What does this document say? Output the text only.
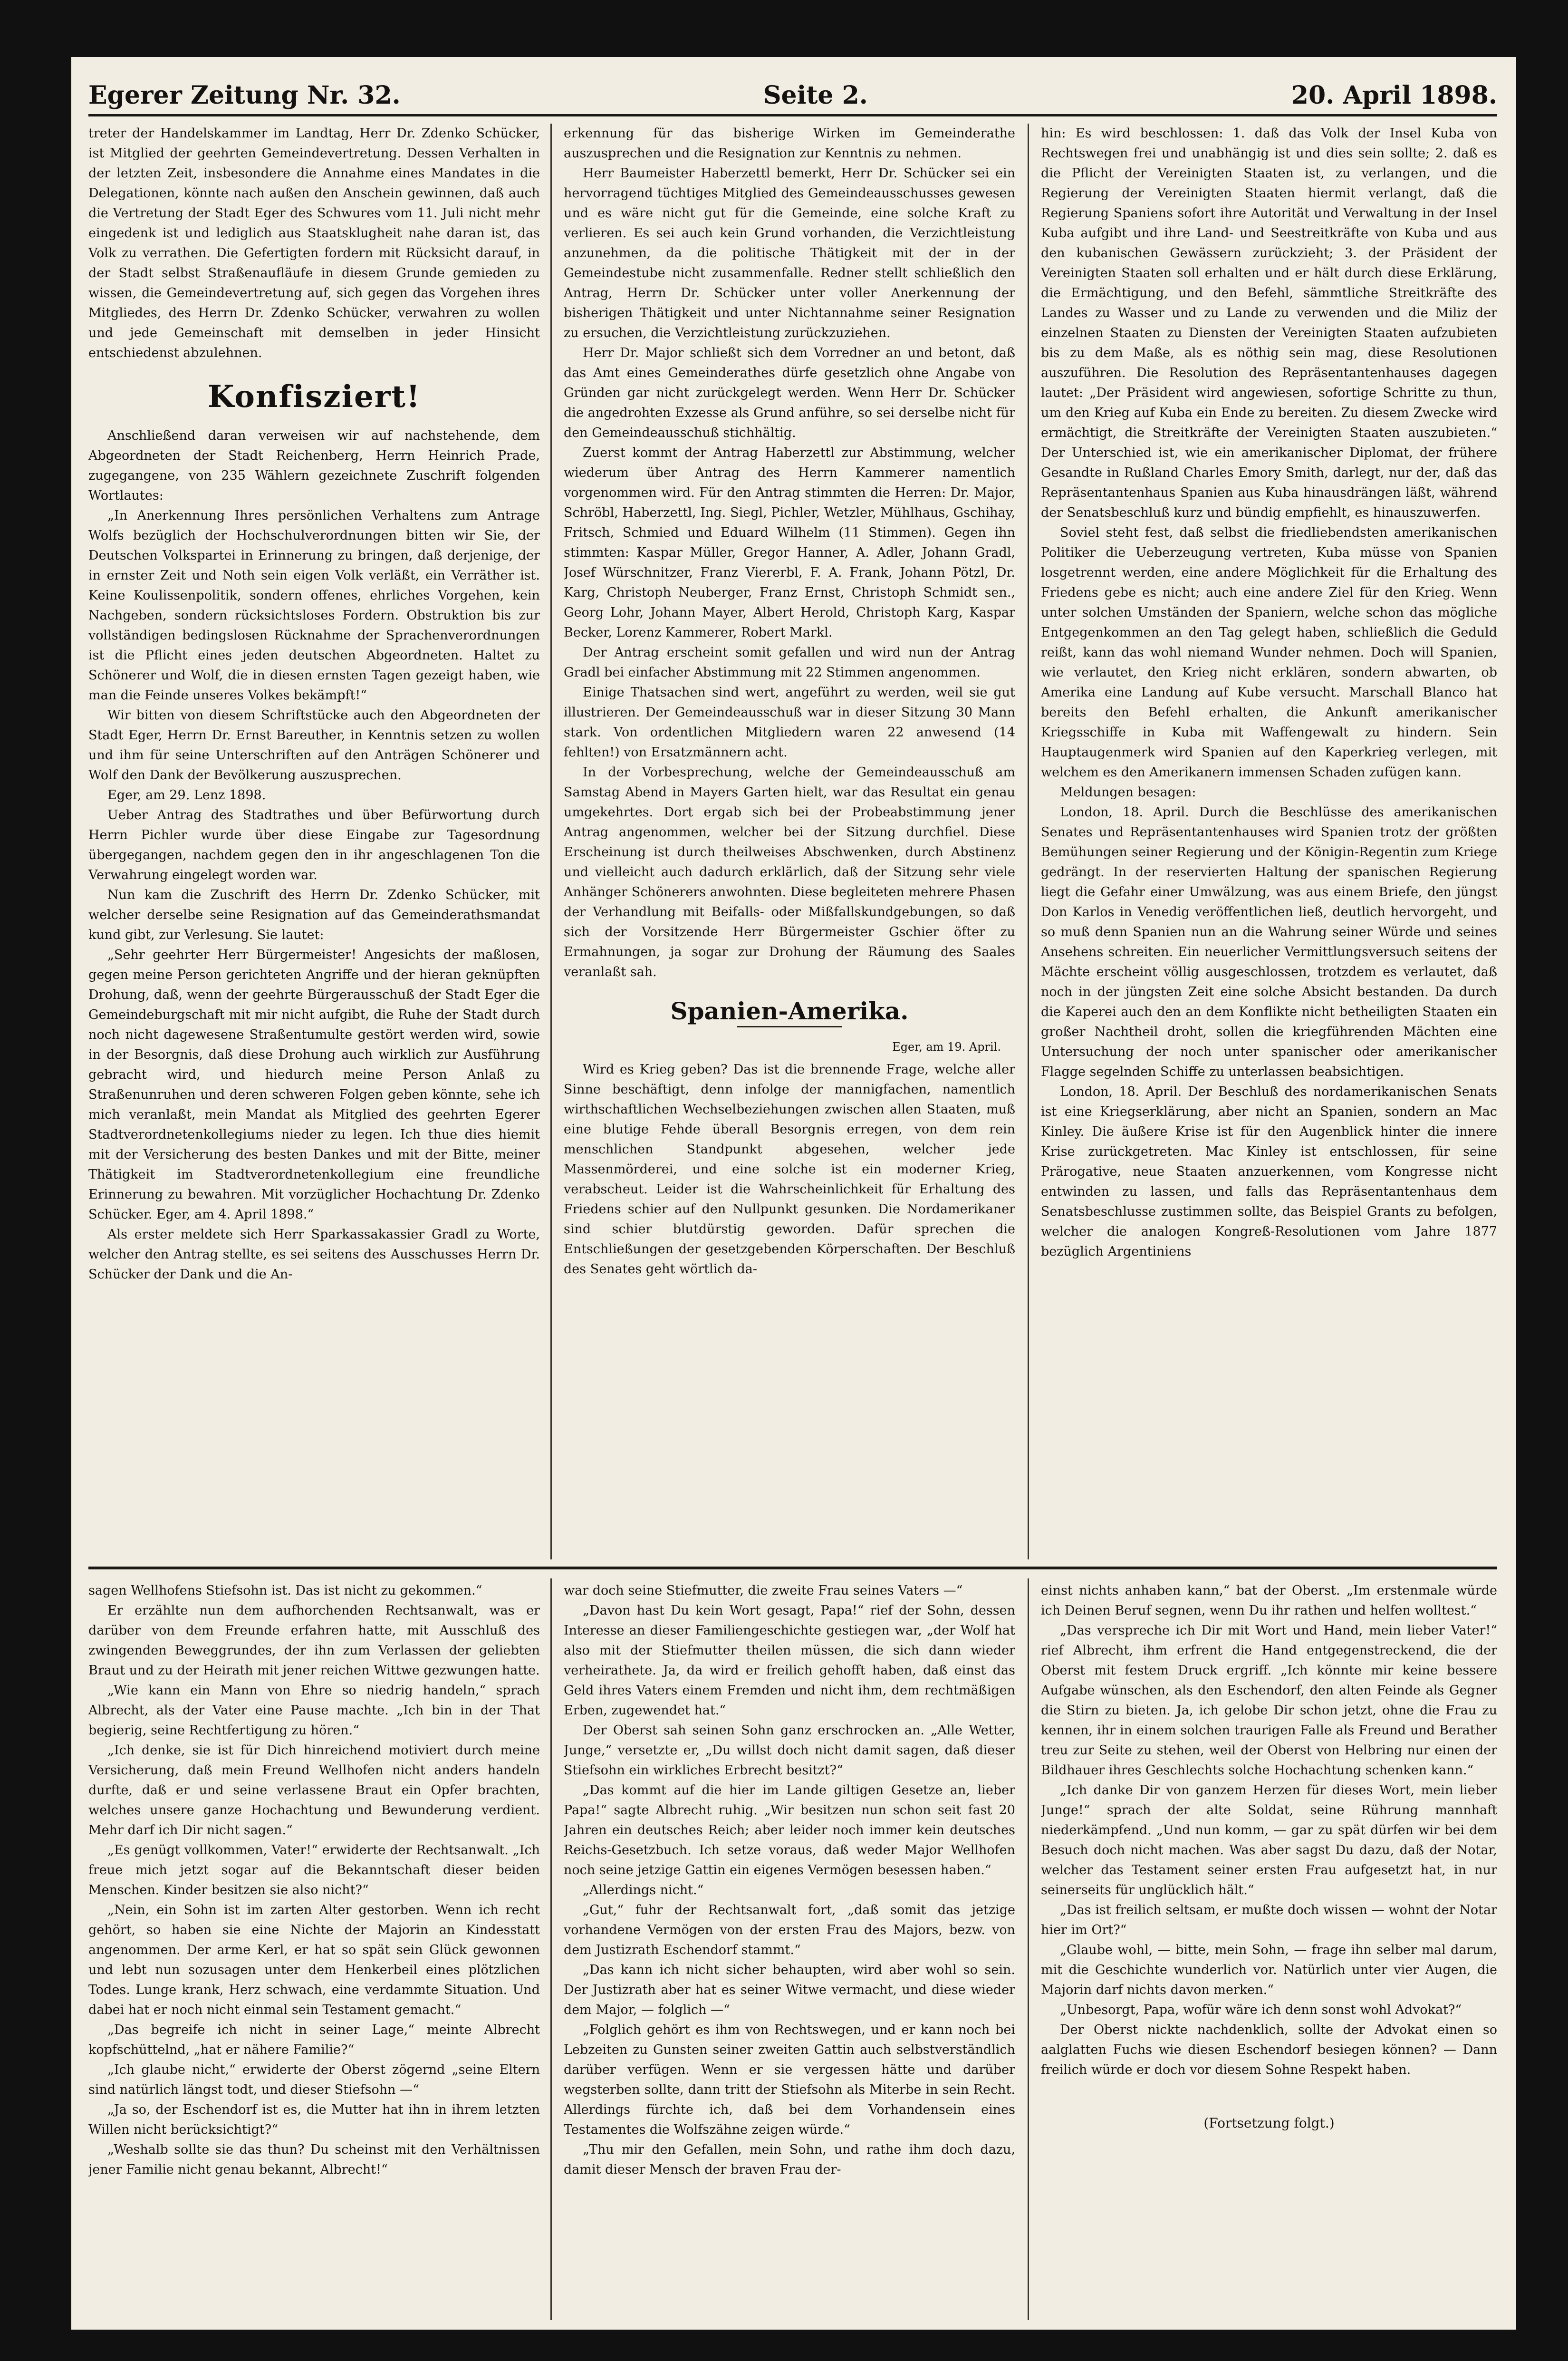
Egerer Zeitung Nr. 32.	Seite 2.	20. April 1898.

treter der Handelskammer im Landtag, Herr Dr. Zdenko Schücker, ist Mitglied der geehrten Gemeindevertretung. Dessen Verhalten in der letzten Zeit, insbesondere die Annahme eines Mandates in die Delegationen, könnte nach außen den Anschein gewinnen, daß auch die Vertretung der Stadt Eger des Schwures vom 11. Juli nicht mehr eingedenk ist und lediglich aus Staatsklugheit nahe daran ist, das Volk zu verrathen. Die Gefertigten fordern mit Rücksicht darauf, in der Stadt selbst Straßenaufläufe in diesem Grunde gemieden zu wissen, die Gemeindevertretung auf, sich gegen das Vorgehen ihres Mitgliedes, des Herrn Dr. Zdenko Schücker, verwahren zu wollen und jede Gemeinschaft mit demselben in jeder Hinsicht entschiedenst abzulehnen.

Konfisziert!

Anschließend daran verweisen wir auf nachstehende, dem Abgeordneten der Stadt Reichenberg, Herrn Heinrich Prade, zugegangene, von 235 Wählern gezeichnete Zuschrift folgenden Wortlautes:

„In Anerkennung Ihres persönlichen Verhaltens zum Antrage Wolfs bezüglich der Hochschulverordnungen bitten wir Sie, der Deutschen Volkspartei in Erinnerung zu bringen, daß derjenige, der in ernster Zeit und Noth sein eigen Volk verläßt, ein Verräther ist. Keine Koulissenpolitik, sondern offenes, ehrliches Vorgehen, kein Nachgeben, sondern rücksichtsloses Fordern. Obstruktion bis zur vollständigen bedingslosen Rücknahme der Sprachenverordnungen ist die Pflicht eines jeden deutschen Abgeordneten. Haltet zu Schönerer und Wolf, die in diesen ernsten Tagen gezeigt haben, wie man die Feinde unseres Volkes bekämpft!“

Wir bitten von diesem Schriftstücke auch den Abgeordneten der Stadt Eger, Herrn Dr. Ernst Bareuther, in Kenntnis setzen zu wollen und ihm für seine Unterschriften auf den Anträgen Schönerer und Wolf den Dank der Bevölkerung auszusprechen.

Eger, am 29. Lenz 1898.

Ueber Antrag des Stadtrathes und über Befürwortung durch Herrn Pichler wurde über diese Eingabe zur Tagesordnung übergegangen, nachdem gegen den in ihr angeschlagenen Ton die Verwahrung eingelegt worden war.

Nun kam die Zuschrift des Herrn Dr. Zdenko Schücker, mit welcher derselbe seine Resignation auf das Gemeinderathsmandat kund gibt, zur Verlesung. Sie lautet:

„Sehr geehrter Herr Bürgermeister! Angesichts der maßlosen, gegen meine Person gerichteten Angriffe und der hieran geknüpften Drohung, daß, wenn der geehrte Bürgerausschuß der Stadt Eger die Gemeindeburgschaft mit mir nicht aufgibt, die Ruhe der Stadt durch noch nicht dagewesene Straßentumulte gestört werden wird, sowie in der Besorgnis, daß diese Drohung auch wirklich zur Ausführung gebracht wird, und hiedurch meine Person Anlaß zu Straßenunruhen und deren schweren Folgen geben könnte, sehe ich mich veranlaßt, mein Mandat als Mitglied des geehrten Egerer Stadtverordnetenkollegiums nieder zu legen. Ich thue dies hiemit mit der Versicherung des besten Dankes und mit der Bitte, meiner Thätigkeit im Stadtverordnetenkollegium eine freundliche Erinnerung zu bewahren. Mit vorzüglicher Hochachtung Dr. Zdenko Schücker. Eger, am 4. April 1898.“

Als erster meldete sich Herr Sparkassakassier Gradl zu Worte, welcher den Antrag stellte, es sei seitens des Ausschusses Herrn Dr. Schücker der Dank und die An-

erkennung für das bisherige Wirken im Gemeinderathe auszusprechen und die Resignation zur Kenntnis zu nehmen.

Herr Baumeister Haberzettl bemerkt, Herr Dr. Schücker sei ein hervorragend tüchtiges Mitglied des Gemeindeausschusses gewesen und es wäre nicht gut für die Gemeinde, eine solche Kraft zu verlieren. Es sei auch kein Grund vorhanden, die Verzichtleistung anzunehmen, da die politische Thätigkeit mit der in der Gemeindestube nicht zusammenfalle. Redner stellt schließlich den Antrag, Herrn Dr. Schücker unter voller Anerkennung der bisherigen Thätigkeit und unter Nichtannahme seiner Resignation zu ersuchen, die Verzichtleistung zurückzuziehen.

Herr Dr. Major schließt sich dem Vorredner an und betont, daß das Amt eines Gemeinderathes dürfe gesetzlich ohne Angabe von Gründen gar nicht zurückgelegt werden. Wenn Herr Dr. Schücker die angedrohten Exzesse als Grund anführe, so sei derselbe nicht für den Gemeindeausschuß stichhältig.

Zuerst kommt der Antrag Haberzettl zur Abstimmung, welcher wiederum über Antrag des Herrn Kammerer namentlich vorgenommen wird. Für den Antrag stimmten die Herren: Dr. Major, Schröbl, Haberzettl, Ing. Siegl, Pichler, Wetzler, Mühlhaus, Gschihay, Fritsch, Schmied und Eduard Wilhelm (11 Stimmen). Gegen ihn stimmten: Kaspar Müller, Gregor Hanner, A. Adler, Johann Gradl, Josef Würschnitzer, Franz Viererbl, F. A. Frank, Johann Pötzl, Dr. Karg, Christoph Neuberger, Franz Ernst, Christoph Schmidt sen., Georg Lohr, Johann Mayer, Albert Herold, Christoph Karg, Kaspar Becker, Lorenz Kammerer, Robert Markl.

Der Antrag erscheint somit gefallen und wird nun der Antrag Gradl bei einfacher Abstimmung mit 22 Stimmen angenommen.

Einige Thatsachen sind wert, angeführt zu werden, weil sie gut illustrieren. Der Gemeindeausschuß war in dieser Sitzung 30 Mann stark. Von ordentlichen Mitgliedern waren 22 anwesend (14 fehlten!) von Ersatzmännern acht.

In der Vorbesprechung, welche der Gemeindeausschuß am Samstag Abend in Mayers Garten hielt, war das Resultat ein genau umgekehrtes. Dort ergab sich bei der Probeabstimmung jener Antrag angenommen, welcher bei der Sitzung durchfiel. Diese Erscheinung ist durch theilweises Abschwenken, durch Abstinenz und vielleicht auch dadurch erklärlich, daß der Sitzung sehr viele Anhänger Schönerers anwohnten. Diese begleiteten mehrere Phasen der Verhandlung mit Beifalls- oder Mißfallskundgebungen, so daß sich der Vorsitzende Herr Bürgermeister Gschier öfter zu Ermahnungen, ja sogar zur Drohung der Räumung des Saales veranlaßt sah.

Spanien-Amerika.
Eger, am 19. April.

Wird es Krieg geben? Das ist die brennende Frage, welche aller Sinne beschäftigt, denn infolge der mannigfachen, namentlich wirthschaftlichen Wechselbeziehungen zwischen allen Staaten, muß eine blutige Fehde überall Besorgnis erregen, von dem rein menschlichen Standpunkt abgesehen, welcher jede Massenmörderei, und eine solche ist ein moderner Krieg, verabscheut. Leider ist die Wahrscheinlichkeit für Erhaltung des Friedens schier auf den Nullpunkt gesunken. Die Nordamerikaner sind schier blutdürstig geworden. Dafür sprechen die Entschließungen der gesetzgebenden Körperschaften. Der Beschluß des Senates geht wörtlich da-

hin: Es wird beschlossen: 1. daß das Volk der Insel Kuba von Rechtswegen frei und unabhängig ist und dies sein sollte; 2. daß es die Pflicht der Vereinigten Staaten ist, zu verlangen, und die Regierung der Vereinigten Staaten hiermit verlangt, daß die Regierung Spaniens sofort ihre Autorität und Verwaltung in der Insel Kuba aufgibt und ihre Land- und Seestreitkräfte von Kuba und aus den kubanischen Gewässern zurückzieht; 3. der Präsident der Vereinigten Staaten soll erhalten und er hält durch diese Erklärung, die Ermächtigung, und den Befehl, sämmtliche Streitkräfte des Landes zu Wasser und zu Lande zu verwenden und die Miliz der einzelnen Staaten zu Diensten der Vereinigten Staaten aufzubieten bis zu dem Maße, als es nöthig sein mag, diese Resolutionen auszuführen. Die Resolution des Repräsentantenhauses dagegen lautet: „Der Präsident wird angewiesen, sofortige Schritte zu thun, um den Krieg auf Kuba ein Ende zu bereiten. Zu diesem Zwecke wird ermächtigt, die Streitkräfte der Vereinigten Staaten auszubieten.“ Der Unterschied ist, wie ein amerikanischer Diplomat, der frühere Gesandte in Rußland Charles Emory Smith, darlegt, nur der, daß das Repräsentantenhaus Spanien aus Kuba hinausdrängen läßt, während der Senatsbeschluß kurz und bündig empfiehlt, es hinauszuwerfen.

Soviel steht fest, daß selbst die friedliebendsten amerikanischen Politiker die Ueberzeugung vertreten, Kuba müsse von Spanien losgetrennt werden, eine andere Möglichkeit für die Erhaltung des Friedens gebe es nicht; auch eine andere Ziel für den Krieg. Wenn unter solchen Umständen der Spaniern, welche schon das mögliche Entgegenkommen an den Tag gelegt haben, schließlich die Geduld reißt, kann das wohl niemand Wunder nehmen. Doch will Spanien, wie verlautet, den Krieg nicht erklären, sondern abwarten, ob Amerika eine Landung auf Kube versucht. Marschall Blanco hat bereits den Befehl erhalten, die Ankunft amerikanischer Kriegsschiffe in Kuba mit Waffengewalt zu hindern. Sein Hauptaugenmerk wird Spanien auf den Kaperkrieg verlegen, mit welchem es den Amerikanern immensen Schaden zufügen kann.

Meldungen besagen:

London, 18. April. Durch die Beschlüsse des amerikanischen Senates und Repräsentantenhauses wird Spanien trotz der größten Bemühungen seiner Regierung und der Königin-Regentin zum Kriege gedrängt. In der reservierten Haltung der spanischen Regierung liegt die Gefahr einer Umwälzung, was aus einem Briefe, den jüngst Don Karlos in Venedig veröffentlichen ließ, deutlich hervorgeht, und so muß denn Spanien nun an die Wahrung seiner Würde und seines Ansehens schreiten. Ein neuerlicher Vermittlungsversuch seitens der Mächte erscheint völlig ausgeschlossen, trotzdem es verlautet, daß noch in der jüngsten Zeit eine solche Absicht bestanden. Da durch die Kaperei auch den an dem Konflikte nicht betheiligten Staaten ein großer Nachtheil droht, sollen die kriegführenden Mächten eine Untersuchung der noch unter spanischer oder amerikanischer Flagge segelnden Schiffe zu unterlassen beabsichtigen.

London, 18. April. Der Beschluß des nordamerikanischen Senats ist eine Kriegserklärung, aber nicht an Spanien, sondern an Mac Kinley. Die äußere Krise ist für den Augenblick hinter die innere Krise zurückgetreten. Mac Kinley ist entschlossen, für seine Prärogative, neue Staaten anzuerkennen, vom Kongresse nicht entwinden zu lassen, und falls das Repräsentantenhaus dem Senatsbeschlusse zustimmen sollte, das Beispiel Grants zu befolgen, welcher die analogen Kongreß-Resolutionen vom Jahre 1877 bezüglich Argentiniens

sagen Wellhofens Stiefsohn ist. Das ist nicht zu gekommen.“

Er erzählte nun dem aufhorchenden Rechtsanwalt, was er darüber von dem Freunde erfahren hatte, mit Ausschluß des zwingenden Beweggrundes, der ihn zum Verlassen der geliebten Braut und zu der Heirath mit jener reichen Wittwe gezwungen hatte.

„Wie kann ein Mann von Ehre so niedrig handeln,“ sprach Albrecht, als der Vater eine Pause machte. „Ich bin in der That begierig, seine Rechtfertigung zu hören.“

„Ich denke, sie ist für Dich hinreichend motiviert durch meine Versicherung, daß mein Freund Wellhofen nicht anders handeln durfte, daß er und seine verlassene Braut ein Opfer brachten, welches unsere ganze Hochachtung und Bewunderung verdient. Mehr darf ich Dir nicht sagen.“

„Es genügt vollkommen, Vater!“ erwiderte der Rechtsanwalt. „Ich freue mich jetzt sogar auf die Bekanntschaft dieser beiden Menschen. Kinder besitzen sie also nicht?“

„Nein, ein Sohn ist im zarten Alter gestorben. Wenn ich recht gehört, so haben sie eine Nichte der Majorin an Kindesstatt angenommen. Der arme Kerl, er hat so spät sein Glück gewonnen und lebt nun sozusagen unter dem Henkerbeil eines plötzlichen Todes. Lunge krank, Herz schwach, eine verdammte Situation. Und dabei hat er noch nicht einmal sein Testament gemacht.“

„Das begreife ich nicht in seiner Lage,“ meinte Albrecht kopfschüttelnd, „hat er nähere Familie?“

„Ich glaube nicht,“ erwiderte der Oberst zögernd „seine Eltern sind natürlich längst todt, und dieser Stiefsohn —“

„Ja so, der Eschendorf ist es, die Mutter hat ihn in ihrem letzten Willen nicht berücksichtigt?“

„Weshalb sollte sie das thun? Du scheinst mit den Verhältnissen jener Familie nicht genau bekannt, Albrecht!“

war doch seine Stiefmutter, die zweite Frau seines Vaters —“

„Davon hast Du kein Wort gesagt, Papa!“ rief der Sohn, dessen Interesse an dieser Familiengeschichte gestiegen war, „der Wolf hat also mit der Stiefmutter theilen müssen, die sich dann wieder verheirathete. Ja, da wird er freilich gehofft haben, daß einst das Geld ihres Vaters einem Fremden und nicht ihm, dem rechtmäßigen Erben, zugewendet hat.“

Der Oberst sah seinen Sohn ganz erschrocken an. „Alle Wetter, Junge,“ versetzte er, „Du willst doch nicht damit sagen, daß dieser Stiefsohn ein wirkliches Erbrecht besitzt?“

„Das kommt auf die hier im Lande giltigen Gesetze an, lieber Papa!“ sagte Albrecht ruhig. „Wir besitzen nun schon seit fast 20 Jahren ein deutsches Reich; aber leider noch immer kein deutsches Reichs-Gesetzbuch. Ich setze voraus, daß weder Major Wellhofen noch seine jetzige Gattin ein eigenes Vermögen besessen haben.“

„Allerdings nicht.“

„Gut,“ fuhr der Rechtsanwalt fort, „daß somit das jetzige vorhandene Vermögen von der ersten Frau des Majors, bezw. von dem Justizrath Eschendorf stammt.“

„Das kann ich nicht sicher behaupten, wird aber wohl so sein. Der Justizrath aber hat es seiner Witwe vermacht, und diese wieder dem Major, — folglich —“

„Folglich gehört es ihm von Rechtswegen, und er kann noch bei Lebzeiten zu Gunsten seiner zweiten Gattin auch selbstverständlich darüber verfügen. Wenn er sie vergessen hätte und darüber wegsterben sollte, dann tritt der Stiefsohn als Miterbe in sein Recht. Allerdings fürchte ich, daß bei dem Vorhandensein eines Testamentes die Wolfszähne zeigen würde.“

„Thu mir den Gefallen, mein Sohn, und rathe ihm doch dazu, damit dieser Mensch der braven Frau der-

einst nichts anhaben kann,“ bat der Oberst. „Im erstenmale würde ich Deinen Beruf segnen, wenn Du ihr rathen und helfen wolltest.“

„Das verspreche ich Dir mit Wort und Hand, mein lieber Vater!“ rief Albrecht, ihm erfrent die Hand entgegenstreckend, die der Oberst mit festem Druck ergriff. „Ich könnte mir keine bessere Aufgabe wünschen, als den Eschendorf, den alten Feinde als Gegner die Stirn zu bieten. Ja, ich gelobe Dir schon jetzt, ohne die Frau zu kennen, ihr in einem solchen traurigen Falle als Freund und Berather treu zur Seite zu stehen, weil der Oberst von Helbring nur einen der Bildhauer ihres Geschlechts solche Hochachtung schenken kann.“

„Ich danke Dir von ganzem Herzen für dieses Wort, mein lieber Junge!“ sprach der alte Soldat, seine Rührung mannhaft niederkämpfend. „Und nun komm, — gar zu spät dürfen wir bei dem Besuch doch nicht machen. Was aber sagst Du dazu, daß der Notar, welcher das Testament seiner ersten Frau aufgesetzt hat, in nur seinerseits für unglücklich hält.“

„Das ist freilich seltsam, er mußte doch wissen — wohnt der Notar hier im Ort?“

„Glaube wohl, — bitte, mein Sohn, — frage ihn selber mal darum, mit die Geschichte wunderlich vor. Natürlich unter vier Augen, die Majorin darf nichts davon merken.“

„Unbesorgt, Papa, wofür wäre ich denn sonst wohl Advokat?“

Der Oberst nickte nachdenklich, sollte der Advokat einen so aalglatten Fuchs wie diesen Eschendorf besiegen können? — Dann freilich würde er doch vor diesem Sohne Respekt haben.

(Fortsetzung folgt.)
